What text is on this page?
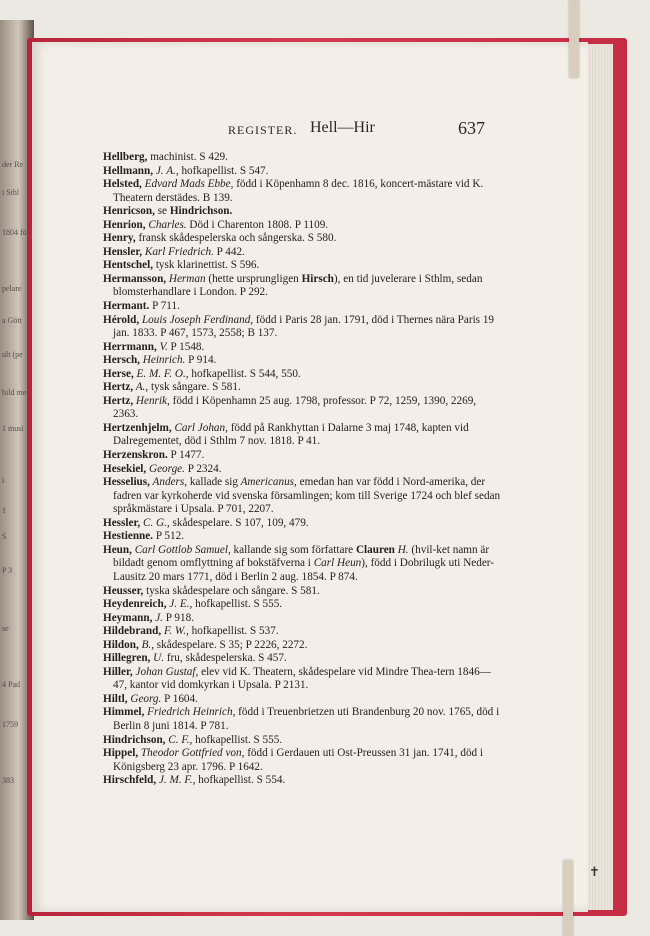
der Re
i Sthl
1804 fö
pelare
a Gött
ult (pe
bild me
1 musi
i
1
S
P 3
se
4 Pad
1759
383
REGISTER. Hell—Hir	637
Hellberg, machinist. S 429.
Hellmann, J. A., hofkapellist. S 547.
Helsted, Edvard Mads Ebbe, född i Köpenhamn 8 dec. 1816, koncert-mästare vid K. Theatern derstädes. B 139.
Henricson, se Hindrichson.
Henrion, Charles. Död i Charenton 1808. P 1109.
Henry, fransk skådespelerska och sångerska. S 580.
Hensler, Karl Friedrich. P 442.
Hentschel, tysk klarinettist. S 596.
Hermansson, Herman (hette ursprungligen Hirsch), en tid juvelerare i Sthlm, sedan blomsterhandlare i London. P 292.
Hermant. P 711.
Hérold, Louis Joseph Ferdinand, född i Paris 28 jan. 1791, död i Thernes nära Paris 19 jan. 1833. P 467, 1573, 2558; B 137.
Herrmann, V. P 1548.
Hersch, Heinrich. P 914.
Herse, E. M. F. O., hofkapellist. S 544, 550.
Hertz, A., tysk sångare. S 581.
Hertz, Henrik, född i Köpenhamn 25 aug. 1798, professor. P 72, 1259, 1390, 2269, 2363.
Hertzenhjelm, Carl Johan, född på Rankhyttan i Dalarne 3 maj 1748, kapten vid Dalregementet, död i Sthlm 7 nov. 1818. P 41.
Herzenskron. P 1477.
Hesekiel, George. P 2324.
Hesselius, Anders, kallade sig Americanus, emedan han var född i Nord-amerika, der fadren var kyrkoherde vid svenska församlingen; kom till Sverige 1724 och blef sedan språkmästare i Upsala. P 701, 2207.
Hessler, C. G., skådespelare. S 107, 109, 479.
Hestienne. P 512.
Heun, Carl Gottlob Samuel, kallande sig som författare Clauren H. (hvil-ket namn är bildadt genom omflyttning af bokstäfverna i Carl Heun), född i Dobrilugk uti Neder-Lausitz 20 mars 1771, död i Berlin 2 aug. 1854. P 874.
Heusser, tyska skådespelare och sångare. S 581.
Heydenreich, J. E., hofkapellist. S 555.
Heymann, J. P 918.
Hildebrand, F. W., hofkapellist. S 537.
Hildon, B., skådespelare. S 35; P 2226, 2272.
Hillegren, U. fru, skådespelerska. S 457.
Hiller, Johan Gustaf, elev vid K. Theatern, skådespelare vid Mindre Thea-tern 1846—47, kantor vid domkyrkan i Upsala. P 2131.
Hiltl, Georg. P 1604.
Himmel, Friedrich Heinrich, född i Treuenbrietzen uti Brandenburg 20 nov. 1765, död i Berlin 8 juni 1814. P 781.
Hindrichson, C. F., hofkapellist. S 555.
Hippel, Theodor Gottfried von, född i Gerdauen uti Ost-Preussen 31 jan. 1741, död i Königsberg 23 apr. 1796. P 1642.
Hirschfeld, J. M. F., hofkapellist. S 554.
✝
